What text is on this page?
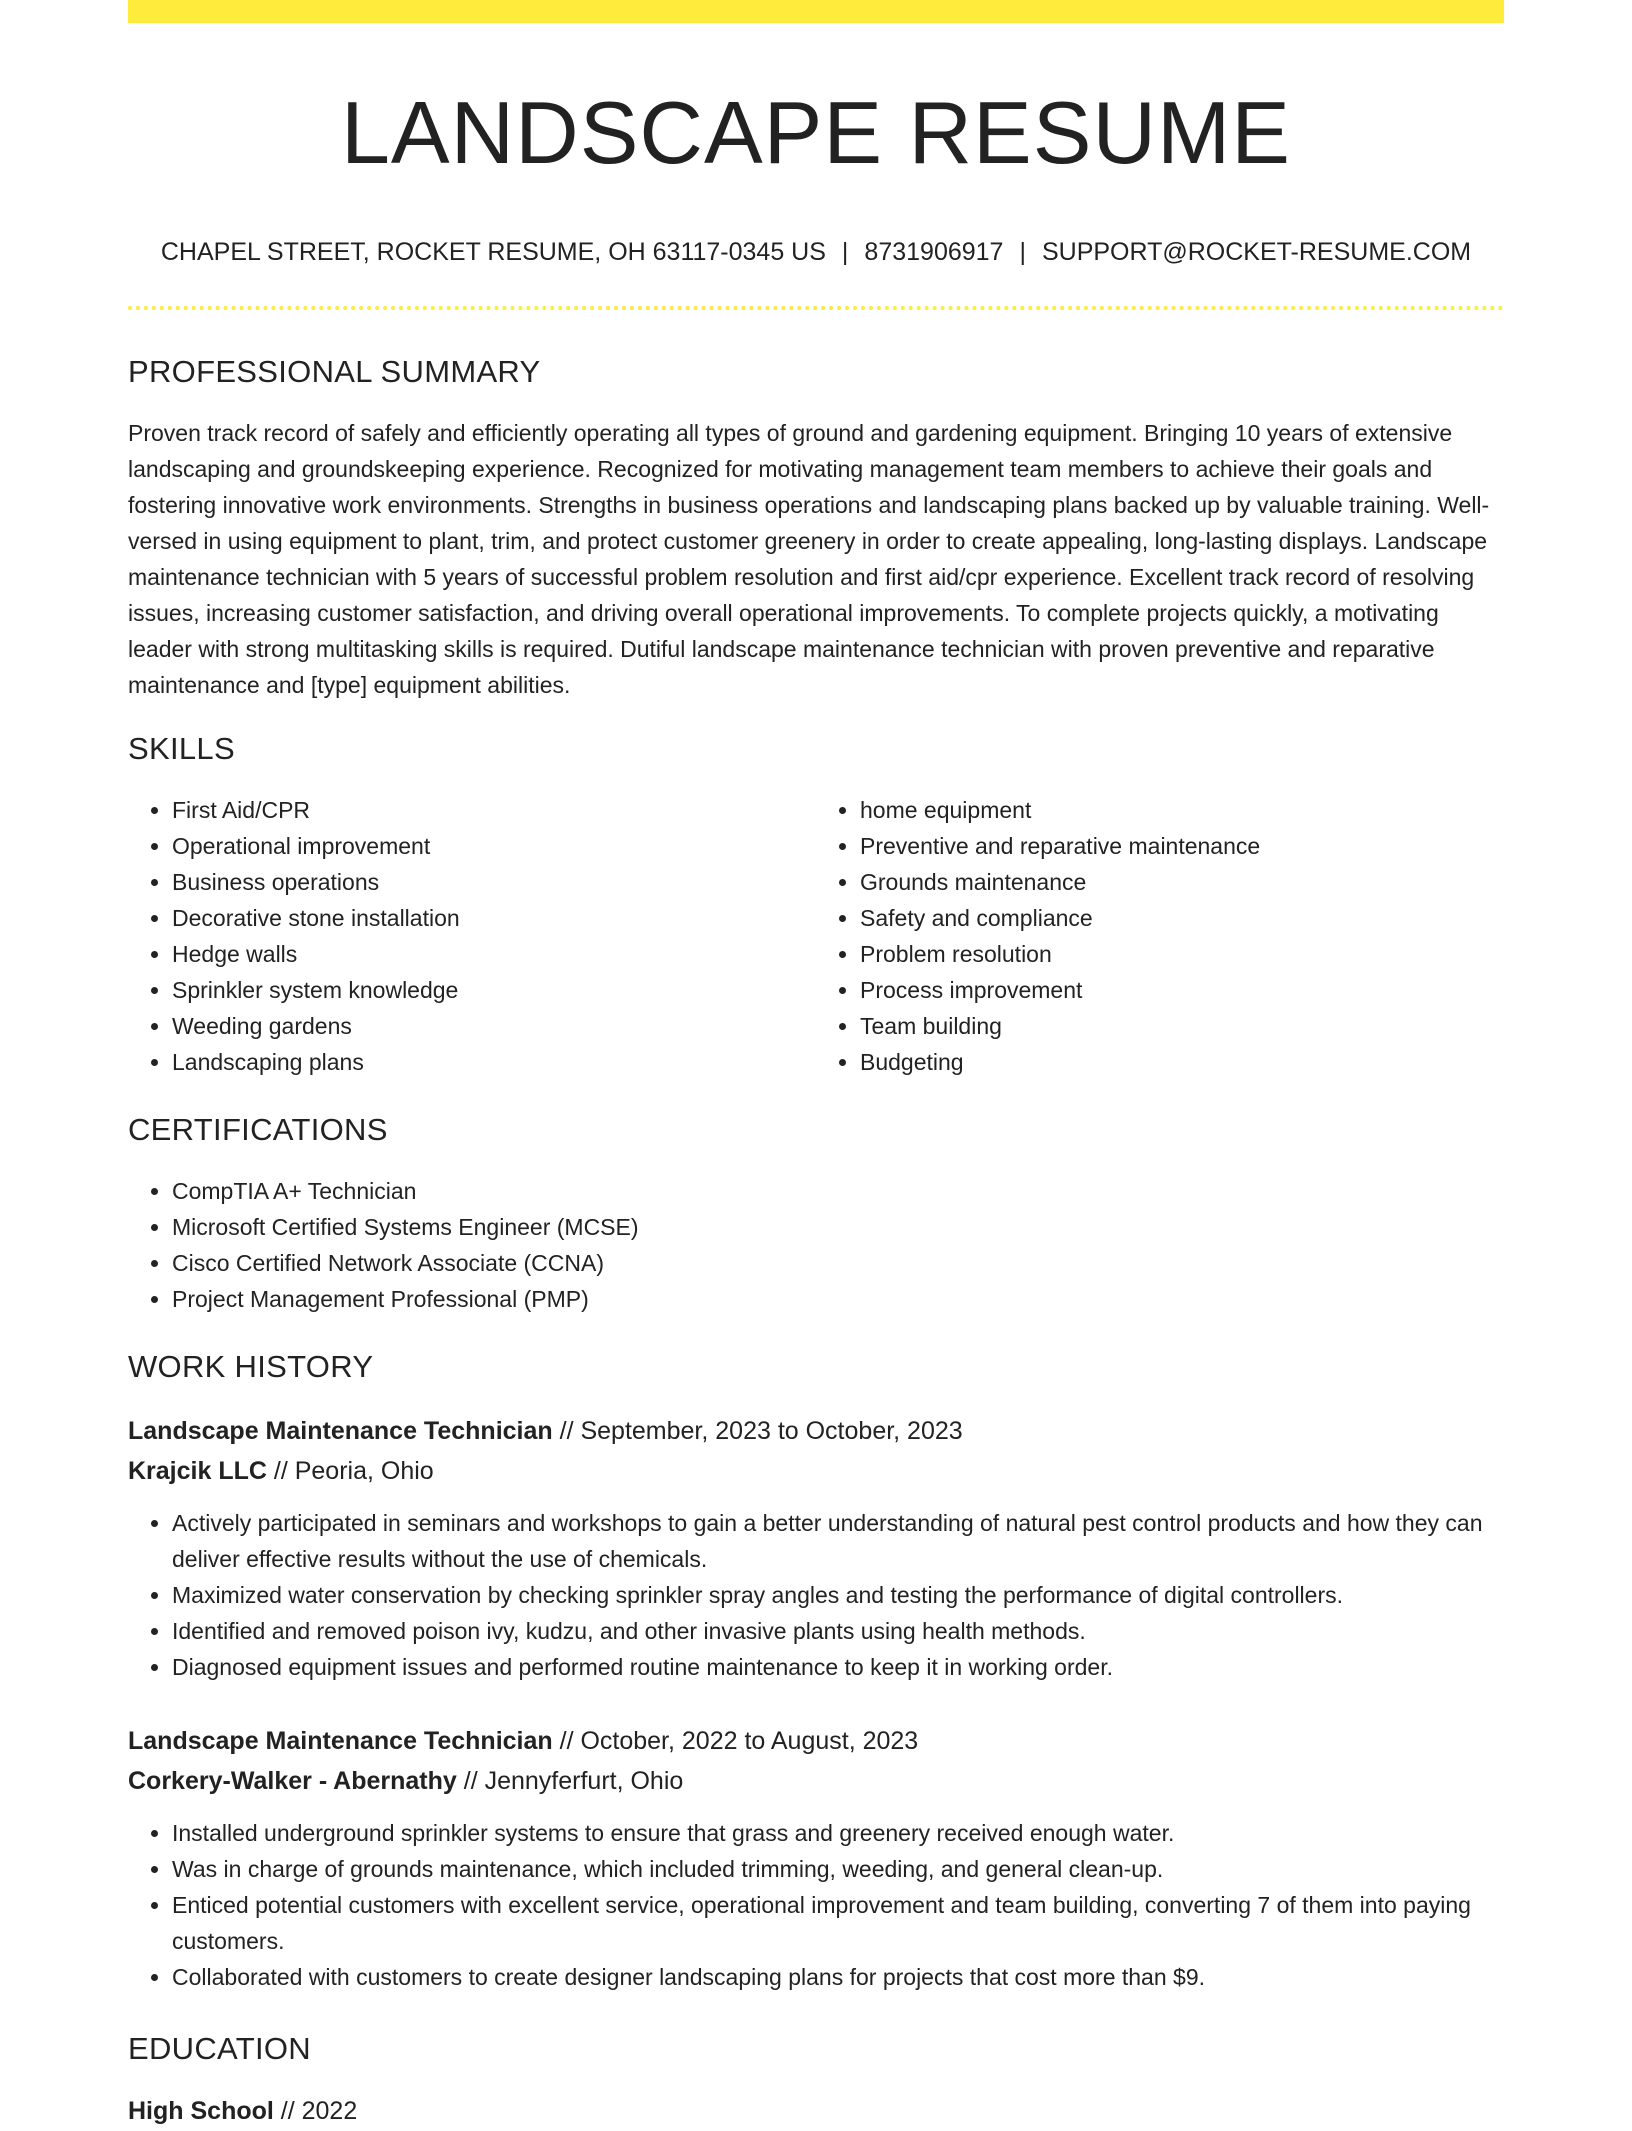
LANDSCAPE RESUME
CHAPEL STREET, ROCKET RESUME, OH 63117-0345 US | 8731906917 | SUPPORT@ROCKET-RESUME.COM
PROFESSIONAL SUMMARY
Proven track record of safely and efficiently operating all types of ground and gardening equipment. Bringing 10 years of extensive landscaping and groundskeeping experience. Recognized for motivating management team members to achieve their goals and fostering innovative work environments. Strengths in business operations and landscaping plans backed up by valuable training. Well-versed in using equipment to plant, trim, and protect customer greenery in order to create appealing, long-lasting displays. Landscape maintenance technician with 5 years of successful problem resolution and first aid/cpr experience. Excellent track record of resolving issues, increasing customer satisfaction, and driving overall operational improvements. To complete projects quickly, a motivating leader with strong multitasking skills is required. Dutiful landscape maintenance technician with proven preventive and reparative maintenance and [type] equipment abilities.
SKILLS
• First Aid/CPR
• Operational improvement
• Business operations
• Decorative stone installation
• Hedge walls
• Sprinkler system knowledge
• Weeding gardens
• Landscaping plans
• home equipment
• Preventive and reparative maintenance
• Grounds maintenance
• Safety and compliance
• Problem resolution
• Process improvement
• Team building
• Budgeting
CERTIFICATIONS
• CompTIA A+ Technician
• Microsoft Certified Systems Engineer (MCSE)
• Cisco Certified Network Associate (CCNA)
• Project Management Professional (PMP)
WORK HISTORY
Landscape Maintenance Technician // September, 2023 to October, 2023
Krajcik LLC // Peoria, Ohio
• Actively participated in seminars and workshops to gain a better understanding of natural pest control products and how they can deliver effective results without the use of chemicals.
• Maximized water conservation by checking sprinkler spray angles and testing the performance of digital controllers.
• Identified and removed poison ivy, kudzu, and other invasive plants using health methods.
• Diagnosed equipment issues and performed routine maintenance to keep it in working order.
Landscape Maintenance Technician // October, 2022 to August, 2023
Corkery-Walker - Abernathy // Jennyferfurt, Ohio
• Installed underground sprinkler systems to ensure that grass and greenery received enough water.
• Was in charge of grounds maintenance, which included trimming, weeding, and general clean-up.
• Enticed potential customers with excellent service, operational improvement and team building, converting 7 of them into paying customers.
• Collaborated with customers to create designer landscaping plans for projects that cost more than $9.
EDUCATION
High School // 2022
